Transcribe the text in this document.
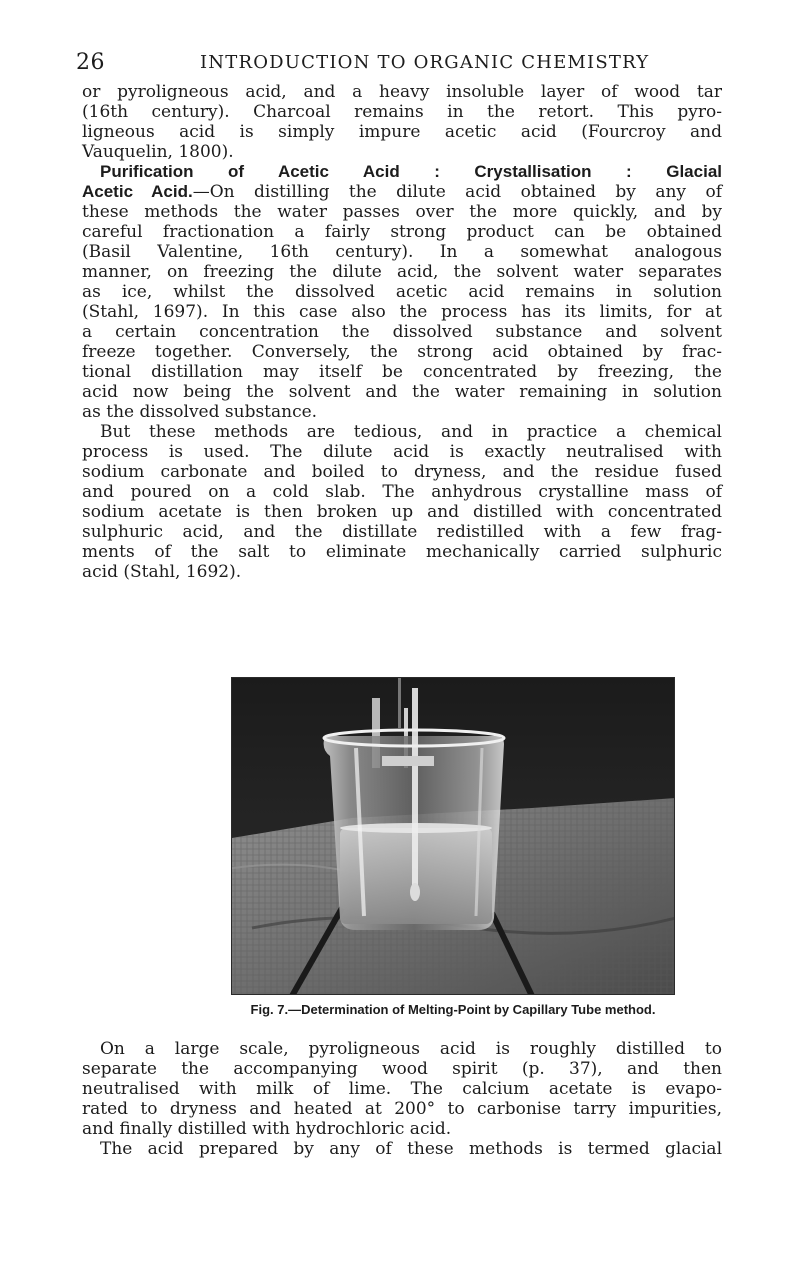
26	INTRODUCTION TO ORGANIC CHEMISTRY
or pyroligneous acid, and a heavy insoluble layer of wood tar
(16th century). Charcoal remains in the retort. This pyro-
ligneous acid is simply impure acetic acid (Fourcroy and
Vauquelin, 1800).
Purification of Acetic Acid : Crystallisation : Glacial
Acetic Acid.—On distilling the dilute acid obtained by any of
these methods the water passes over the more quickly, and by
careful fractionation a fairly strong product can be obtained
(Basil Valentine, 16th century). In a somewhat analogous
manner, on freezing the dilute acid, the solvent water separates
as ice, whilst the dissolved acetic acid remains in solution
(Stahl, 1697). In this case also the process has its limits, for at
a certain concentration the dissolved substance and solvent
freeze together. Conversely, the strong acid obtained by frac-
tional distillation may itself be concentrated by freezing, the
acid now being the solvent and the water remaining in solution
as the dissolved substance.
But these methods are tedious, and in practice a chemical
process is used. The dilute acid is exactly neutralised with
sodium carbonate and boiled to dryness, and the residue fused
and poured on a cold slab. The anhydrous crystalline mass of
sodium acetate is then broken up and distilled with concentrated
sulphuric acid, and the distillate redistilled with a few frag-
ments of the salt to eliminate mechanically carried sulphuric
acid (Stahl, 1692).
Fig. 7.—Determination of Melting-Point by Capillary Tube method.
On a large scale, pyroligneous acid is roughly distilled to
separate the accompanying wood spirit (p. 37), and then
neutralised with milk of lime. The calcium acetate is evapo-
rated to dryness and heated at 200° to carbonise tarry impurities,
and finally distilled with hydrochloric acid.
The acid prepared by any of these methods is termed glacial
